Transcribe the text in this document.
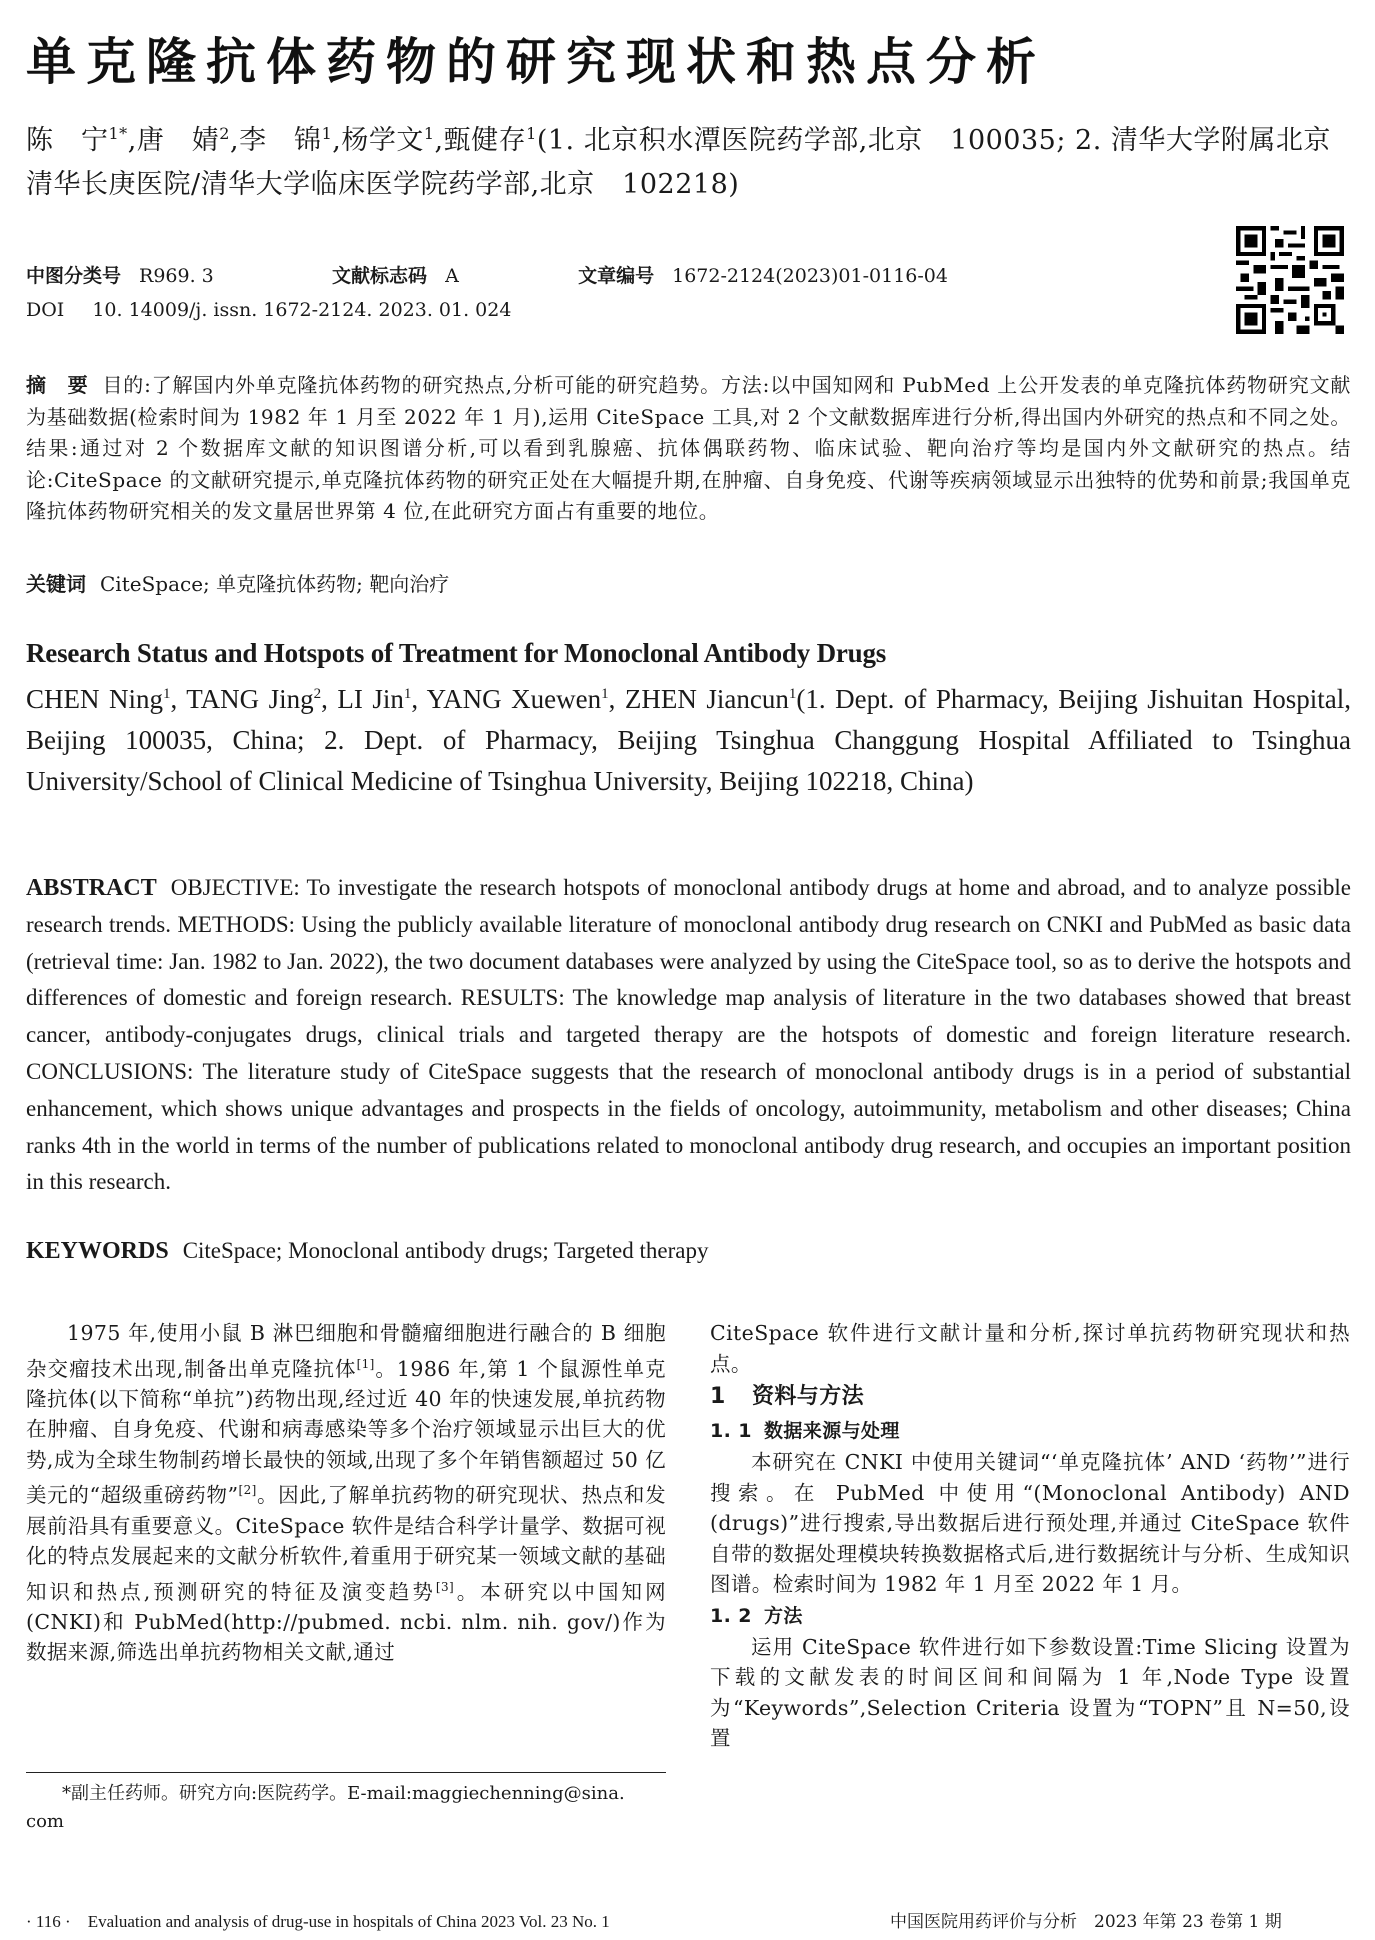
单克隆抗体药物的研究现状和热点分析
陈　宁$^{1*}$,唐　婧$^2$,李　锦$^1$,杨学文$^1$,甄健存$^1$(1. 北京积水潭医院药学部,北京　100035; 2. 清华大学附属北京清华长庚医院/清华大学临床医学院药学部,北京　102218)
中图分类号 R969. 3	文献标志码 A	文章编号 1672-2124(2023)01-0116-04
DOI 10. 14009/j. issn. 1672-2124. 2023. 01. 024
摘　要 目的:了解国内外单克隆抗体药物的研究热点,分析可能的研究趋势。方法:以中国知网和 PubMed 上公开发表的单克隆抗体药物研究文献为基础数据(检索时间为 1982 年 1 月至 2022 年 1 月),运用 CiteSpace 工具,对 2 个文献数据库进行分析,得出国内外研究的热点和不同之处。结果:通过对 2 个数据库文献的知识图谱分析,可以看到乳腺癌、抗体偶联药物、临床试验、靶向治疗等均是国内外文献研究的热点。结论:CiteSpace 的文献研究提示,单克隆抗体药物的研究正处在大幅提升期,在肿瘤、自身免疫、代谢等疾病领域显示出独特的优势和前景;我国单克隆抗体药物研究相关的发文量居世界第 4 位,在此研究方面占有重要的地位。
关键词 CiteSpace; 单克隆抗体药物; 靶向治疗
Research Status and Hotspots of Treatment for Monoclonal Antibody Drugs
CHEN Ning$^1$, TANG Jing$^2$, LI Jin$^1$, YANG Xuewen$^1$, ZHEN Jiancun$^1$(1. Dept. of Pharmacy, Beijing Jishuitan Hospital, Beijing 100035, China; 2. Dept. of Pharmacy, Beijing Tsinghua Changgung Hospital Affiliated to Tsinghua University/School of Clinical Medicine of Tsinghua University, Beijing 102218, China)
ABSTRACT OBJECTIVE: To investigate the research hotspots of monoclonal antibody drugs at home and abroad, and to analyze possible research trends. METHODS: Using the publicly available literature of monoclonal antibody drug research on CNKI and PubMed as basic data (retrieval time: Jan. 1982 to Jan. 2022), the two document databases were analyzed by using the CiteSpace tool, so as to derive the hotspots and differences of domestic and foreign research. RESULTS: The knowledge map analysis of literature in the two databases showed that breast cancer, antibody-conjugates drugs, clinical trials and targeted therapy are the hotspots of domestic and foreign literature research. CONCLUSIONS: The literature study of CiteSpace suggests that the research of monoclonal antibody drugs is in a period of substantial enhancement, which shows unique advantages and prospects in the fields of oncology, autoimmunity, metabolism and other diseases; China ranks 4th in the world in terms of the number of publications related to monoclonal antibody drug research, and occupies an important position in this research.
KEYWORDS CiteSpace; Monoclonal antibody drugs; Targeted therapy

1975 年,使用小鼠 B 淋巴细胞和骨髓瘤细胞进行融合的 B 细胞杂交瘤技术出现,制备出单克隆抗体[1]。1986 年,第 1 个鼠源性单克隆抗体(以下简称“单抗”)药物出现,经过近 40 年的快速发展,单抗药物在肿瘤、自身免疫、代谢和病毒感染等多个治疗领域显示出巨大的优势,成为全球生物制药增长最快的领域,出现了多个年销售额超过 50 亿美元的“超级重磅药物”[2]。因此,了解单抗药物的研究现状、热点和发展前沿具有重要意义。CiteSpace 软件是结合科学计量学、数据可视化的特点发展起来的文献分析软件,着重用于研究某一领域文献的基础知识和热点,预测研究的特征及演变趋势[3]。本研究以中国知网(CNKI)和 PubMed(http://pubmed. ncbi. nlm. nih. gov/)作为数据来源,筛选出单抗药物相关文献,通过

*副主任药师。研究方向:医院药学。E-mail:maggiechenning@sina. com

CiteSpace 软件进行文献计量和分析,探讨单抗药物研究现状和热点。

1 资料与方法
1. 1 数据来源与处理

本研究在 CNKI 中使用关键词“‘单克隆抗体’ AND ‘药物’”进行搜索。在 PubMed 中使用“(Monoclonal Antibody) AND (drugs)”进行搜索,导出数据后进行预处理,并通过 CiteSpace 软件自带的数据处理模块转换数据格式后,进行数据统计与分析、生成知识图谱。检索时间为 1982 年 1 月至 2022 年 1 月。

1. 2 方法

运用 CiteSpace 软件进行如下参数设置:Time Slicing 设置为下载的文献发表的时间区间和间隔为 1 年,Node Type 设置为“Keywords”,Selection Criteria 设置为“TOPN”且 N=50,设置

· 116 ·　Evaluation and analysis of drug-use in hospitals of China 2023 Vol. 23 No. 1	中国医院用药评价与分析　2023 年第 23 卷第 1 期
